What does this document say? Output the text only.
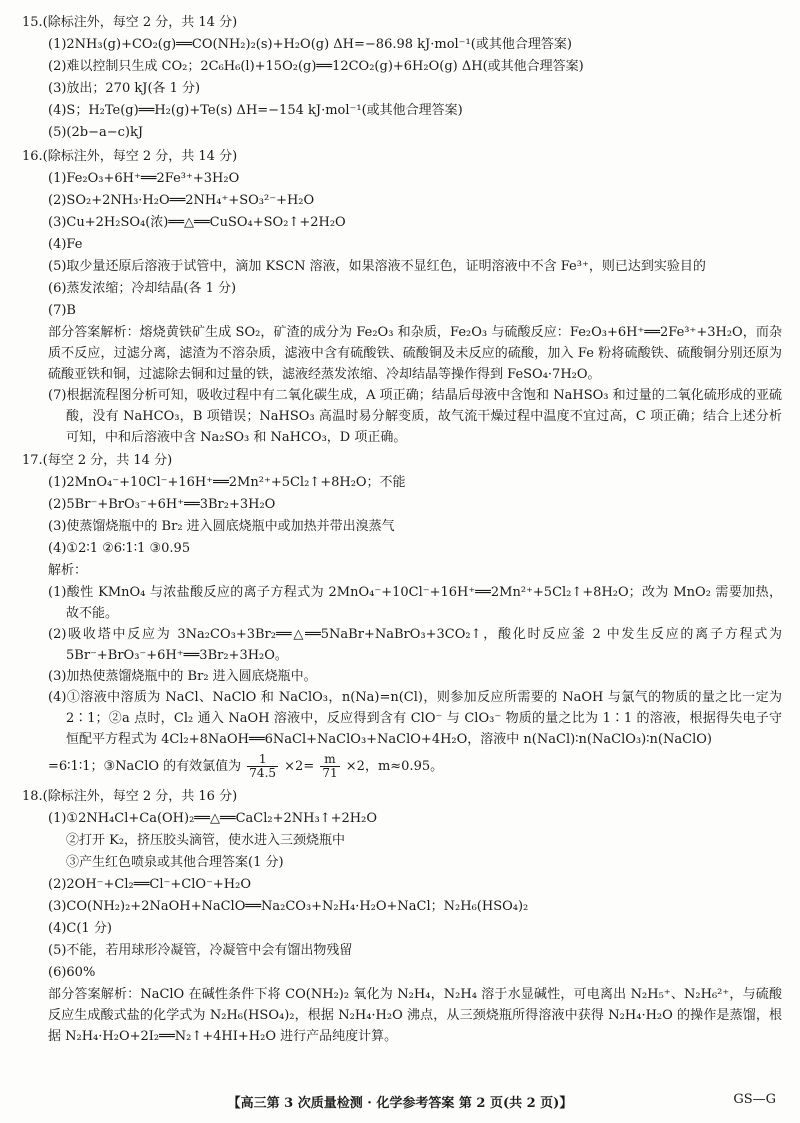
15.(除标注外，每空 2 分，共 14 分)
(1)2NH₃(g)+CO₂(g)══CO(NH₂)₂(s)+H₂O(g) ΔH=−86.98 kJ·mol⁻¹(或其他合理答案)
(2)难以控制只生成 CO₂；2C₆H₆(l)+15O₂(g)══12CO₂(g)+6H₂O(g) ΔH(或其他合理答案)
(3)放出；270 kJ(各 1 分)
(4)S；H₂Te(g)══H₂(g)+Te(s) ΔH=−154 kJ·mol⁻¹(或其他合理答案)
(5)(2b−a−c)kJ
16.(除标注外，每空 2 分，共 14 分)
(1)Fe₂O₃+6H⁺══2Fe³⁺+3H₂O
(2)SO₂+2NH₃·H₂O══2NH₄⁺+SO₃²⁻+H₂O
(3)Cu+2H₂SO₄(浓)══△══CuSO₄+SO₂↑+2H₂O
(4)Fe
(5)取少量还原后溶液于试管中，滴加 KSCN 溶液，如果溶液不显红色，证明溶液中不含 Fe³⁺，则已达到实验目的
(6)蒸发浓缩；冷却结晶(各 1 分)
(7)B
部分答案解析：熔烧黄铁矿生成 SO₂，矿渣的成分为 Fe₂O₃ 和杂质，Fe₂O₃ 与硫酸反应：Fe₂O₃+6H⁺══2Fe³⁺+3H₂O，而杂质不反应，过滤分离，滤渣为不溶杂质，滤液中含有硫酸铁、硫酸铜及未反应的硫酸，加入 Fe 粉将硫酸铁、硫酸铜分别还原为硫酸亚铁和铜，过滤除去铜和过量的铁，滤液经蒸发浓缩、冷却结晶等操作得到 FeSO₄·7H₂O。
(7)根据流程图分析可知，吸收过程中有二氧化碳生成，A 项正确；结晶后母液中含饱和 NaHSO₃ 和过量的二氧化硫形成的亚硫酸，没有 NaHCO₃，B 项错误；NaHSO₃ 高温时易分解变质，故气流干燥过程中温度不宜过高，C 项正确；结合上述分析可知，中和后溶液中含 Na₂SO₃ 和 NaHCO₃，D 项正确。
17.(每空 2 分，共 14 分)
(1)2MnO₄⁻+10Cl⁻+16H⁺══2Mn²⁺+5Cl₂↑+8H₂O；不能
(2)5Br⁻+BrO₃⁻+6H⁺══3Br₂+3H₂O
(3)使蒸馏烧瓶中的 Br₂ 进入圆底烧瓶中或加热并带出溴蒸气
(4)①2∶1 ②6∶1∶1 ③0.95
解析：
(1)酸性 KMnO₄ 与浓盐酸反应的离子方程式为 2MnO₄⁻+10Cl⁻+16H⁺══2Mn²⁺+5Cl₂↑+8H₂O；改为 MnO₂ 需要加热，故不能。
(2)吸收塔中反应为 3Na₂CO₃+3Br₂══△══5NaBr+NaBrO₃+3CO₂↑，酸化时反应釜 2 中发生反应的离子方程式为 5Br⁻+BrO₃⁻+6H⁺══3Br₂+3H₂O。
(3)加热使蒸馏烧瓶中的 Br₂ 进入圆底烧瓶中。
(4)①溶液中溶质为 NaCl、NaClO 和 NaClO₃，n(Na)=n(Cl)，则参加反应所需要的 NaOH 与氯气的物质的量之比一定为 2∶1；②a 点时，Cl₂ 通入 NaOH 溶液中，反应得到含有 ClO⁻ 与 ClO₃⁻ 物质的量之比为 1∶1 的溶液，根据得失电子守恒配平方程式为 4Cl₂+8NaOH══6NaCl+NaClO₃+NaClO+4H₂O，溶液中 n(NaCl)∶n(NaClO₃)∶n(NaClO)
=6∶1∶1；③NaClO 的有效氯值为 $\frac{1}{74.5} \times 2= \frac{m}{71} \times 2$，m≈0.95。
18.(除标注外，每空 2 分，共 16 分)
(1)①2NH₄Cl+Ca(OH)₂══△══CaCl₂+2NH₃↑+2H₂O
②打开 K₂，挤压胶头滴管，使水进入三颈烧瓶中
③产生红色喷泉或其他合理答案(1 分)
(2)2OH⁻+Cl₂══Cl⁻+ClO⁻+H₂O
(3)CO(NH₂)₂+2NaOH+NaClO══Na₂CO₃+N₂H₄·H₂O+NaCl；N₂H₆(HSO₄)₂
(4)C(1 分)
(5)不能，若用球形冷凝管，冷凝管中会有馏出物残留
(6)60%
部分答案解析：NaClO 在碱性条件下将 CO(NH₂)₂ 氧化为 N₂H₄，N₂H₄ 溶于水显碱性，可电离出 N₂H₅⁺、N₂H₆²⁺，与硫酸反应生成酸式盐的化学式为 N₂H₆(HSO₄)₂，根据 N₂H₄·H₂O 沸点，从三颈烧瓶所得溶液中获得 N₂H₄·H₂O 的操作是蒸馏，根据 N₂H₄·H₂O+2I₂══N₂↑+4HI+H₂O 进行产品纯度计算。
【高三第 3 次质量检测 · 化学参考答案 第 2 页(共 2 页)】	GS—G
